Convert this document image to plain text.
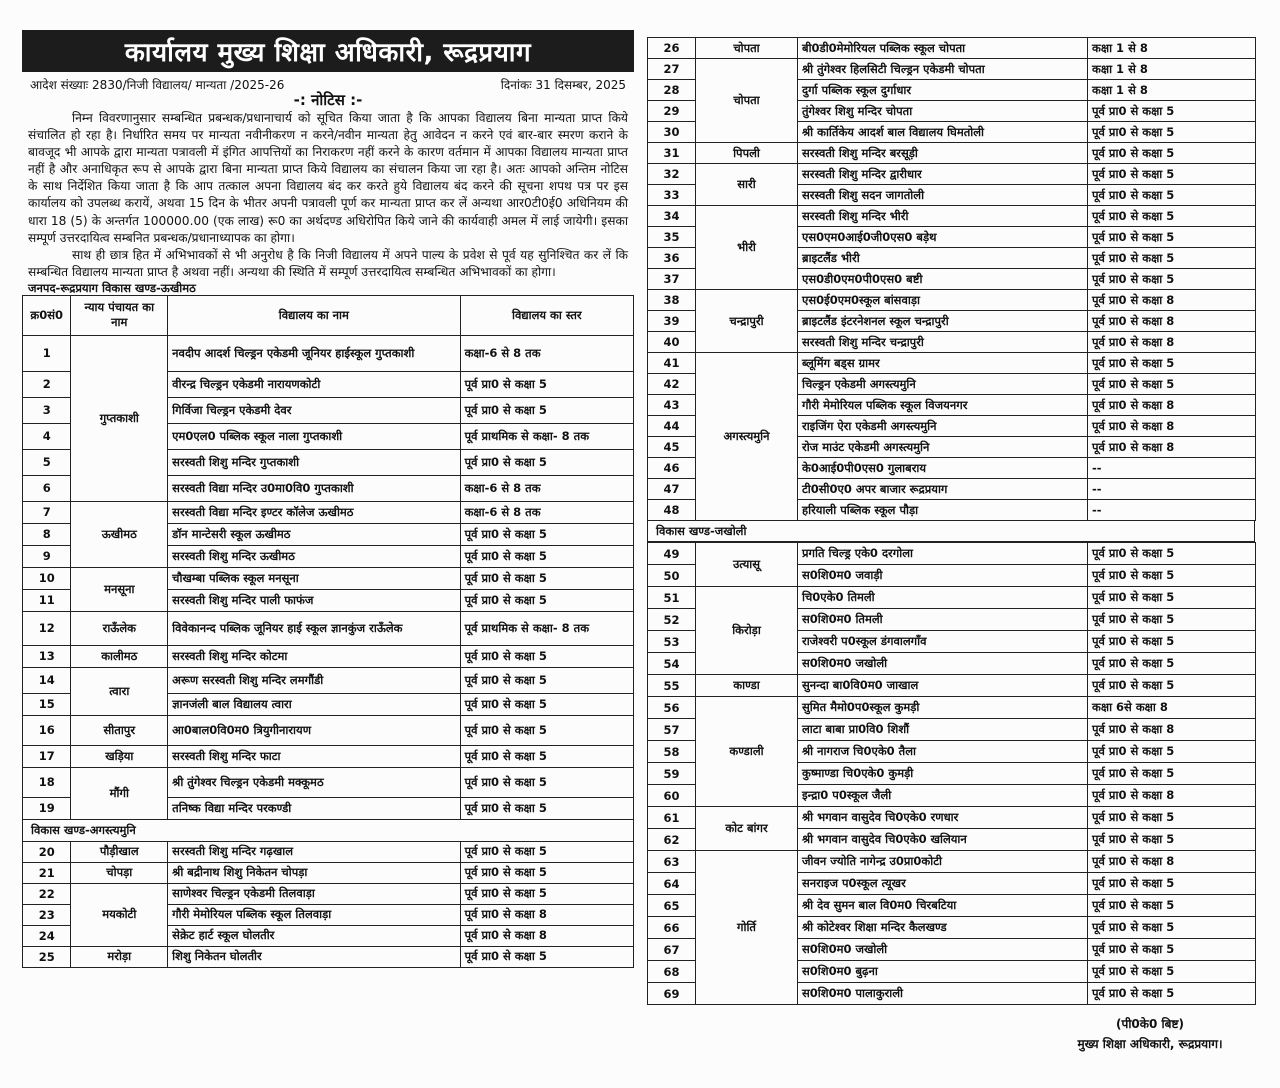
कार्यालय मुख्य शिक्षा अधिकारी, रूद्रप्रयाग
आदेश संख्याः 2830/निजी विद्यालय/ मान्यता /2025-26	दिनांकः 31 दिसम्बर, 2025
-: नोटिस :-

निम्न विवरणानुसार सम्बन्धित प्रबन्धक/प्रधानाचार्य को सूचित किया जाता है कि आपका विद्यालय बिना मान्यता प्राप्त किये संचालित हो रहा है। निर्धारित समय पर मान्यता नवीनीकरण न करने/नवीन मान्यता हेतु आवेदन न करने एवं बार-बार स्मरण कराने के बावजूद भी आपके द्वारा मान्यता पत्रावली में इंगित आपत्तियों का निराकरण नहीं करने के कारण वर्तमान में आपका विद्यालय मान्यता प्राप्त नहीं है और अनाधिकृत रूप से आपके द्वारा बिना मान्यता प्राप्त किये विद्यालय का संचालन किया जा रहा है। अतः आपको अन्तिम नोटिस के साथ निर्देशित किया जाता है कि आप तत्काल अपना विद्यालय बंद कर करते हुये विद्यालय बंद करने की सूचना शपथ पत्र पर इस कार्यालय को उपलब्ध करायें, अथवा 15 दिन के भीतर अपनी पत्रावली पूर्ण कर मान्यता प्राप्त कर लें अन्यथा आर0टी0ई0 अधिनियम की धारा 18 (5) के अन्तर्गत 100000.00 (एक लाख) रू0 का अर्थदण्ड अधिरोपित किये जाने की कार्यवाही अमल में लाई जायेगी। इसका सम्पूर्ण उत्तरदायित्व सम्बनित प्रबन्धक/प्रधानाध्यापक का होगा।

साथ ही छात्र हित में अभिभावकों से भी अनुरोध है कि निजी विद्यालय में अपने पाल्य के प्रवेश से पूर्व यह सुनिश्चित कर लें कि सम्बन्धित विद्यालय मान्यता प्राप्त है अथवा नहीं। अन्यथा की स्थिति में सम्पूर्ण उत्तरदायित्व सम्बन्धित अभिभावकों का होगा।

जनपद-रूद्रप्रयाग विकास खण्ड-ऊखीमठ
क्र0सं0	न्याय पंचायत का नाम	विद्यालय का नाम	विद्यालय का स्तर
1	गुप्तकाशी	नवदीप आदर्श चिल्ड्रन एकेडमी जूनियर हाईस्कूल गुप्तकाशी	कक्षा-6 से 8 तक
2		वीरन्द्र चिल्ड्रन एकेडमी नारायणकोटी	पूर्व प्रा0 से कक्षा 5
3		गिर्विजा चिल्ड्रन एकेडमी देवर	पूर्व प्रा0 से कक्षा 5
4		एम0एल0 पब्लिक स्कूल नाला गुप्तकाशी	पूर्व प्राथमिक से कक्षा- 8 तक
5		सरस्वती शिशु मन्दिर गुप्तकाशी	पूर्व प्रा0 से कक्षा 5
6		सरस्वती विद्या मन्दिर उ0मा0वि0 गुप्तकाशी	कक्षा-6 से 8 तक
7	ऊखीमठ	सरस्वती विद्या मन्दिर इण्टर कॉलेज ऊखीमठ	कक्षा-6 से 8 तक
8		डॉन मान्टेसरी स्कूल ऊखीमठ	पूर्व प्रा0 से कक्षा 5
9		सरस्वती शिशु मन्दिर ऊखीमठ	पूर्व प्रा0 से कक्षा 5
10	मनसूना	चौखम्बा पब्लिक स्कूल मनसूना	पूर्व प्रा0 से कक्षा 5
11		सरस्वती शिशु मन्दिर पाली फाफंज	पूर्व प्रा0 से कक्षा 5
12	राऊँलेक	विवेकानन्द पब्लिक जूनियर हाई स्कूल ज्ञानकुंज राऊँलेक	पूर्व प्राथमिक से कक्षा- 8 तक
13	कालीमठ	सरस्वती शिशु मन्दिर कोटमा	पूर्व प्रा0 से कक्षा 5
14	त्वारा	अरूण सरस्वती शिशु मन्दिर लमगौंडी	पूर्व प्रा0 से कक्षा 5
15		ज्ञानजंली बाल विद्यालय त्वारा	पूर्व प्रा0 से कक्षा 5
16	सीतापुर	आ0बाल0वि0म0 त्रियुगीनारायण	पूर्व प्रा0 से कक्षा 5
17	खड़िया	सरस्वती शिशु मन्दिर फाटा	पूर्व प्रा0 से कक्षा 5
18	मौंगी	श्री तुंगेश्वर चिल्ड्रन एकेडमी मक्कूमठ	पूर्व प्रा0 से कक्षा 5
19		तनिष्क विद्या मन्दिर परकण्डी	पूर्व प्रा0 से कक्षा 5
विकास खण्ड-अगस्त्यमुनि
20	पौड़ीखाल	सरस्वती शिशु मन्दिर गढ़खाल	पूर्व प्रा0 से कक्षा 5
21	चोपड़ा	श्री बद्रीनाथ शिशु निकेतन चोपड़ा	पूर्व प्रा0 से कक्षा 5
22	मयकोटी	साणेश्वर चिल्ड्रन एकेडमी तिलवाड़ा	पूर्व प्रा0 से कक्षा 5
23		गौरी मेमोरियल पब्लिक स्कूल तिलवाड़ा	पूर्व प्रा0 से कक्षा 8
24		सेक्रेट हार्ट स्कूल घोलतीर	पूर्व प्रा0 से कक्षा 8
25	मरोड़ा	शिशु निकेतन घोलतीर	पूर्व प्रा0 से कक्षा 5
26	चोपता	बी0डी0मेमोरियल पब्लिक स्कूल चोपता	कक्षा 1 से 8
27	चोपता	श्री तुंगेश्वर हिलसिटी चिल्ड्रन एकेडमी चोपता	कक्षा 1 से 8
28		दुर्गा पब्लिक स्कूल दुर्गाधार	कक्षा 1 से 8
29		तुंगेश्वर शिशु मन्दिर चोपता	पूर्व प्रा0 से कक्षा 5
30		श्री कार्तिकेय आदर्श बाल विद्यालय घिमतोली	पूर्व प्रा0 से कक्षा 5
31	पिपली	सरस्वती शिशु मन्दिर बरसूड़ी	पूर्व प्रा0 से कक्षा 5
32	सारी	सरस्वती शिशु मन्दिर द्वारीधार	पूर्व प्रा0 से कक्षा 5
33		सरस्वती शिशु सदन जागतोली	पूर्व प्रा0 से कक्षा 5
34	भीरी	सरस्वती शिशु मन्दिर भीरी	पूर्व प्रा0 से कक्षा 5
35		एस0एम0आई0जी0एस0 बड़ेथ	पूर्व प्रा0 से कक्षा 5
36		ब्राइटलैंड भीरी	पूर्व प्रा0 से कक्षा 5
37		एस0डी0एम0पी0एस0 बष्टी	पूर्व प्रा0 से कक्षा 5
38	चन्द्रापुरी	एस0ई0एम0स्कूल बांसवाड़ा	पूर्व प्रा0 से कक्षा 8
39		ब्राइटलैंड इंटरनेशनल स्कूल चन्द्रापुरी	पूर्व प्रा0 से कक्षा 8
40		सरस्वती शिशु मन्दिर चन्द्रापुरी	पूर्व प्रा0 से कक्षा 8
41	अगस्त्यमुनि	ब्लूमिंग बड्स ग्रामर	पूर्व प्रा0 से कक्षा 5
42		चिल्ड्रन एकेडमी अगस्त्यमुनि	पूर्व प्रा0 से कक्षा 5
43		गौरी मेमोरियल पब्लिक स्कूल विजयनगर	पूर्व प्रा0 से कक्षा 8
44		राइजिंग ऐरा एकेडमी अगस्त्यमुनि	पूर्व प्रा0 से कक्षा 8
45		रोज माउंट एकेडमी अगस्त्यमुनि	पूर्व प्रा0 से कक्षा 8
46		के0आई0पी0एस0 गुलाबराय	--
47		टी0सी0ए0 अपर बाजार रूद्रप्रयाग	--
48		हरियाली पब्लिक स्कूल पौड़ा	--
विकास खण्ड-जखोली
49	उत्यासू	प्रगति चिल्ड्र एके0 दरगोला	पूर्व प्रा0 से कक्षा 5
50		स0शि0म0 जवाड़ी	पूर्व प्रा0 से कक्षा 5
51	किरोड़ा	चि0एके0 तिमली	पूर्व प्रा0 से कक्षा 5
52		स0शि0म0 तिमली	पूर्व प्रा0 से कक्षा 5
53		राजेश्वरी प0स्कूल डंगवालगाँव	पूर्व प्रा0 से कक्षा 5
54		स0शि0म0 जखोली	पूर्व प्रा0 से कक्षा 5
55	काण्डा	सुनन्दा बा0वि0म0 जाखाल	पूर्व प्रा0 से कक्षा 5
56	कण्डाली	सुमित मैमो0प0स्कूल कुमड़ी	कक्षा 6से कक्षा 8
57		लाटा बाबा प्रा0वि0 शिशौं	पूर्व प्रा0 से कक्षा 8
58		श्री नागराज चि0एके0 तैला	पूर्व प्रा0 से कक्षा 5
59		कुष्माण्डा चि0एके0 कुमड़ी	पूर्व प्रा0 से कक्षा 5
60		इन्द्रा0 प0स्कूल जैली	पूर्व प्रा0 से कक्षा 8
61	कोट बांगर	श्री भगवान वासुदेव चि0एके0 रणधार	पूर्व प्रा0 से कक्षा 5
62		श्री भगवान वासुदेव चि0एके0 खलियान	पूर्व प्रा0 से कक्षा 5
63	गोर्ति	जीवन ज्योति नागेन्द्र उ0प्रा0कोटी	पूर्व प्रा0 से कक्षा 8
64		सनराइज प0स्कूल त्यूखर	पूर्व प्रा0 से कक्षा 5
65		श्री देव सुमन बाल वि0म0 चिरबटिया	पूर्व प्रा0 से कक्षा 5
66		श्री कोटेश्वर शिक्षा मन्दिर कैलखण्ड	पूर्व प्रा0 से कक्षा 5
67		स0शि0म0 जखोली	पूर्व प्रा0 से कक्षा 5
68		स0शि0म0 बुढ़ना	पूर्व प्रा0 से कक्षा 5
69		स0शि0म0 पालाकुराली	पूर्व प्रा0 से कक्षा 5
(पी0के0 बिष्ट)
मुख्य शिक्षा अधिकारी, रूद्रप्रयाग।
